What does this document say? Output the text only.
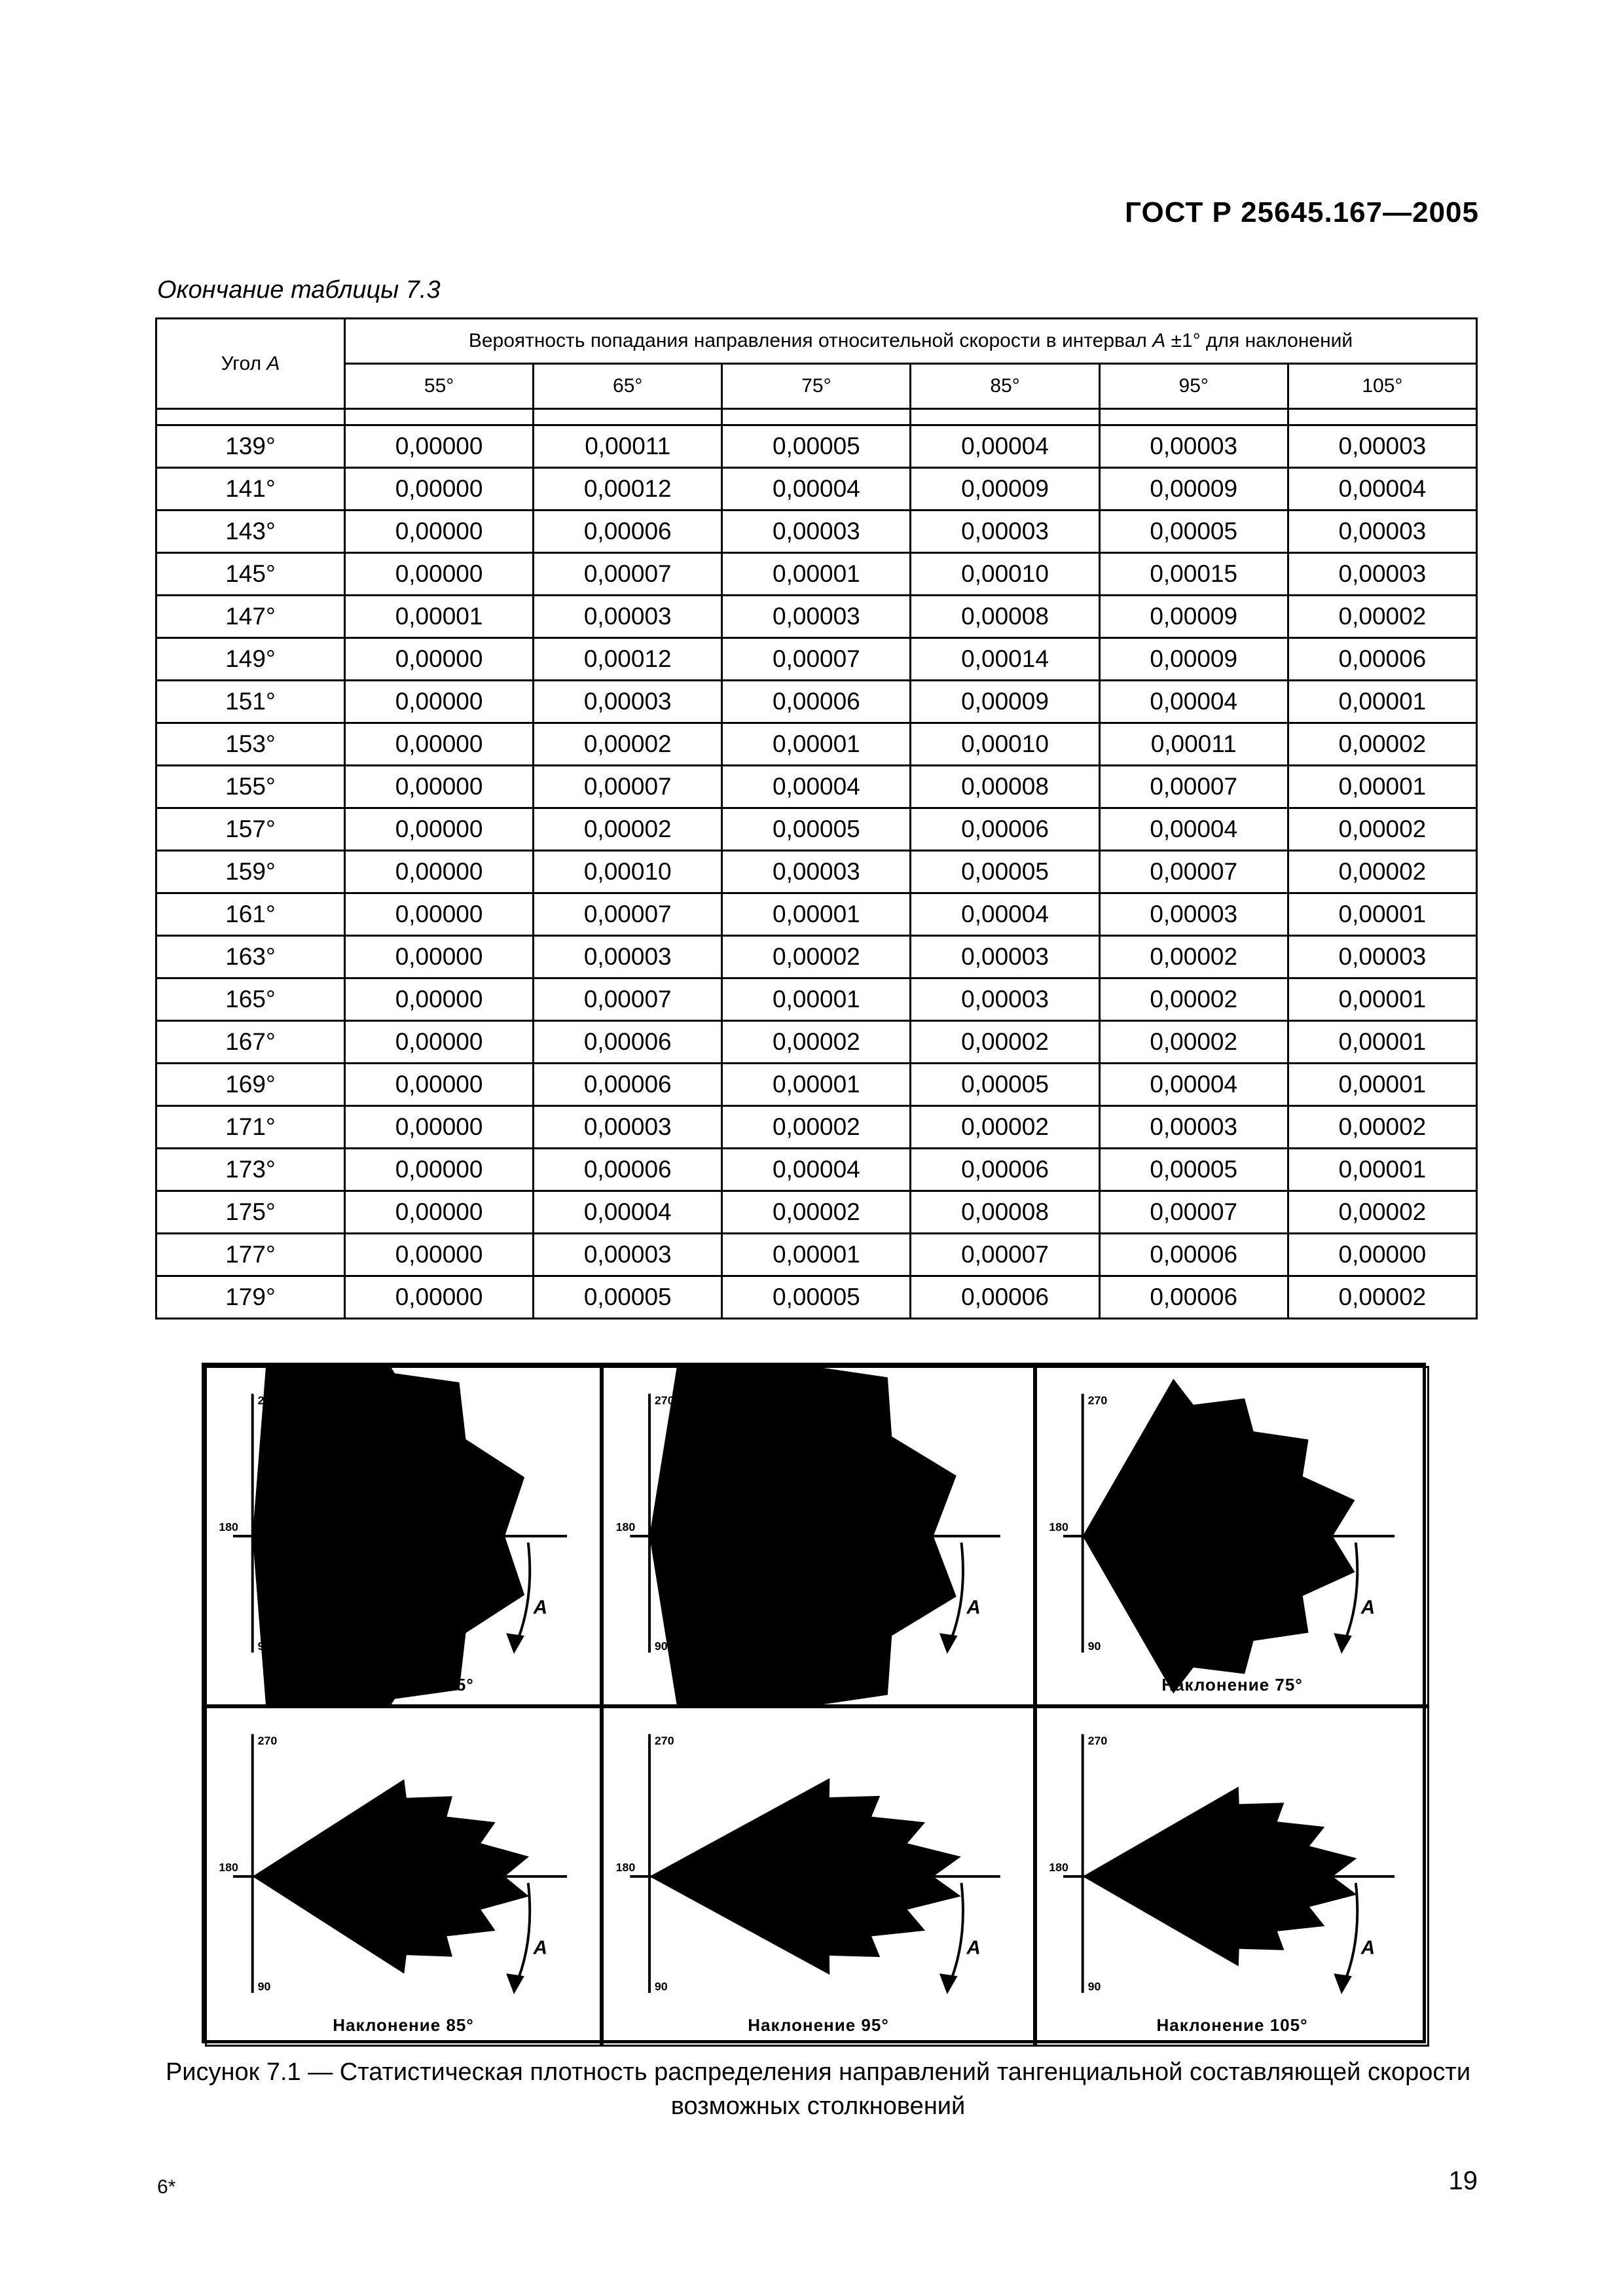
ГОСТ Р 25645.167—2005
Окончание таблицы 7.3
Угол A	Вероятность попадания направления относительной скорости в интервал A ±1° для наклонений					
	55°	65°	75°	85°	95°	105°

139°	0,00000	0,00011	0,00005	0,00004	0,00003	0,00003
141°	0,00000	0,00012	0,00004	0,00009	0,00009	0,00004
143°	0,00000	0,00006	0,00003	0,00003	0,00005	0,00003
145°	0,00000	0,00007	0,00001	0,00010	0,00015	0,00003
147°	0,00001	0,00003	0,00003	0,00008	0,00009	0,00002
149°	0,00000	0,00012	0,00007	0,00014	0,00009	0,00006
151°	0,00000	0,00003	0,00006	0,00009	0,00004	0,00001
153°	0,00000	0,00002	0,00001	0,00010	0,00011	0,00002
155°	0,00000	0,00007	0,00004	0,00008	0,00007	0,00001
157°	0,00000	0,00002	0,00005	0,00006	0,00004	0,00002
159°	0,00000	0,00010	0,00003	0,00005	0,00007	0,00002
161°	0,00000	0,00007	0,00001	0,00004	0,00003	0,00001
163°	0,00000	0,00003	0,00002	0,00003	0,00002	0,00003
165°	0,00000	0,00007	0,00001	0,00003	0,00002	0,00001
167°	0,00000	0,00006	0,00002	0,00002	0,00002	0,00001
169°	0,00000	0,00006	0,00001	0,00005	0,00004	0,00001
171°	0,00000	0,00003	0,00002	0,00002	0,00003	0,00002
173°	0,00000	0,00006	0,00004	0,00006	0,00005	0,00001
175°	0,00000	0,00004	0,00002	0,00008	0,00007	0,00002
177°	0,00000	0,00003	0,00001	0,00007	0,00006	0,00000
179°	0,00000	0,00005	0,00005	0,00006	0,00006	0,00002
270
180
90
A
Наклонение 55°
270
180
90
A
Наклонение 65°
270
180
90
A
Наклонение 75°
270
180
90
A
Наклонение 85°
270
180
90
A
Наклонение 95°
270
180
90
A
Наклонение 105°
Рисунок 7.1 — Статистическая плотность распределения направлений тангенциальной составляющей скорости возможных столкновений
6*	19
